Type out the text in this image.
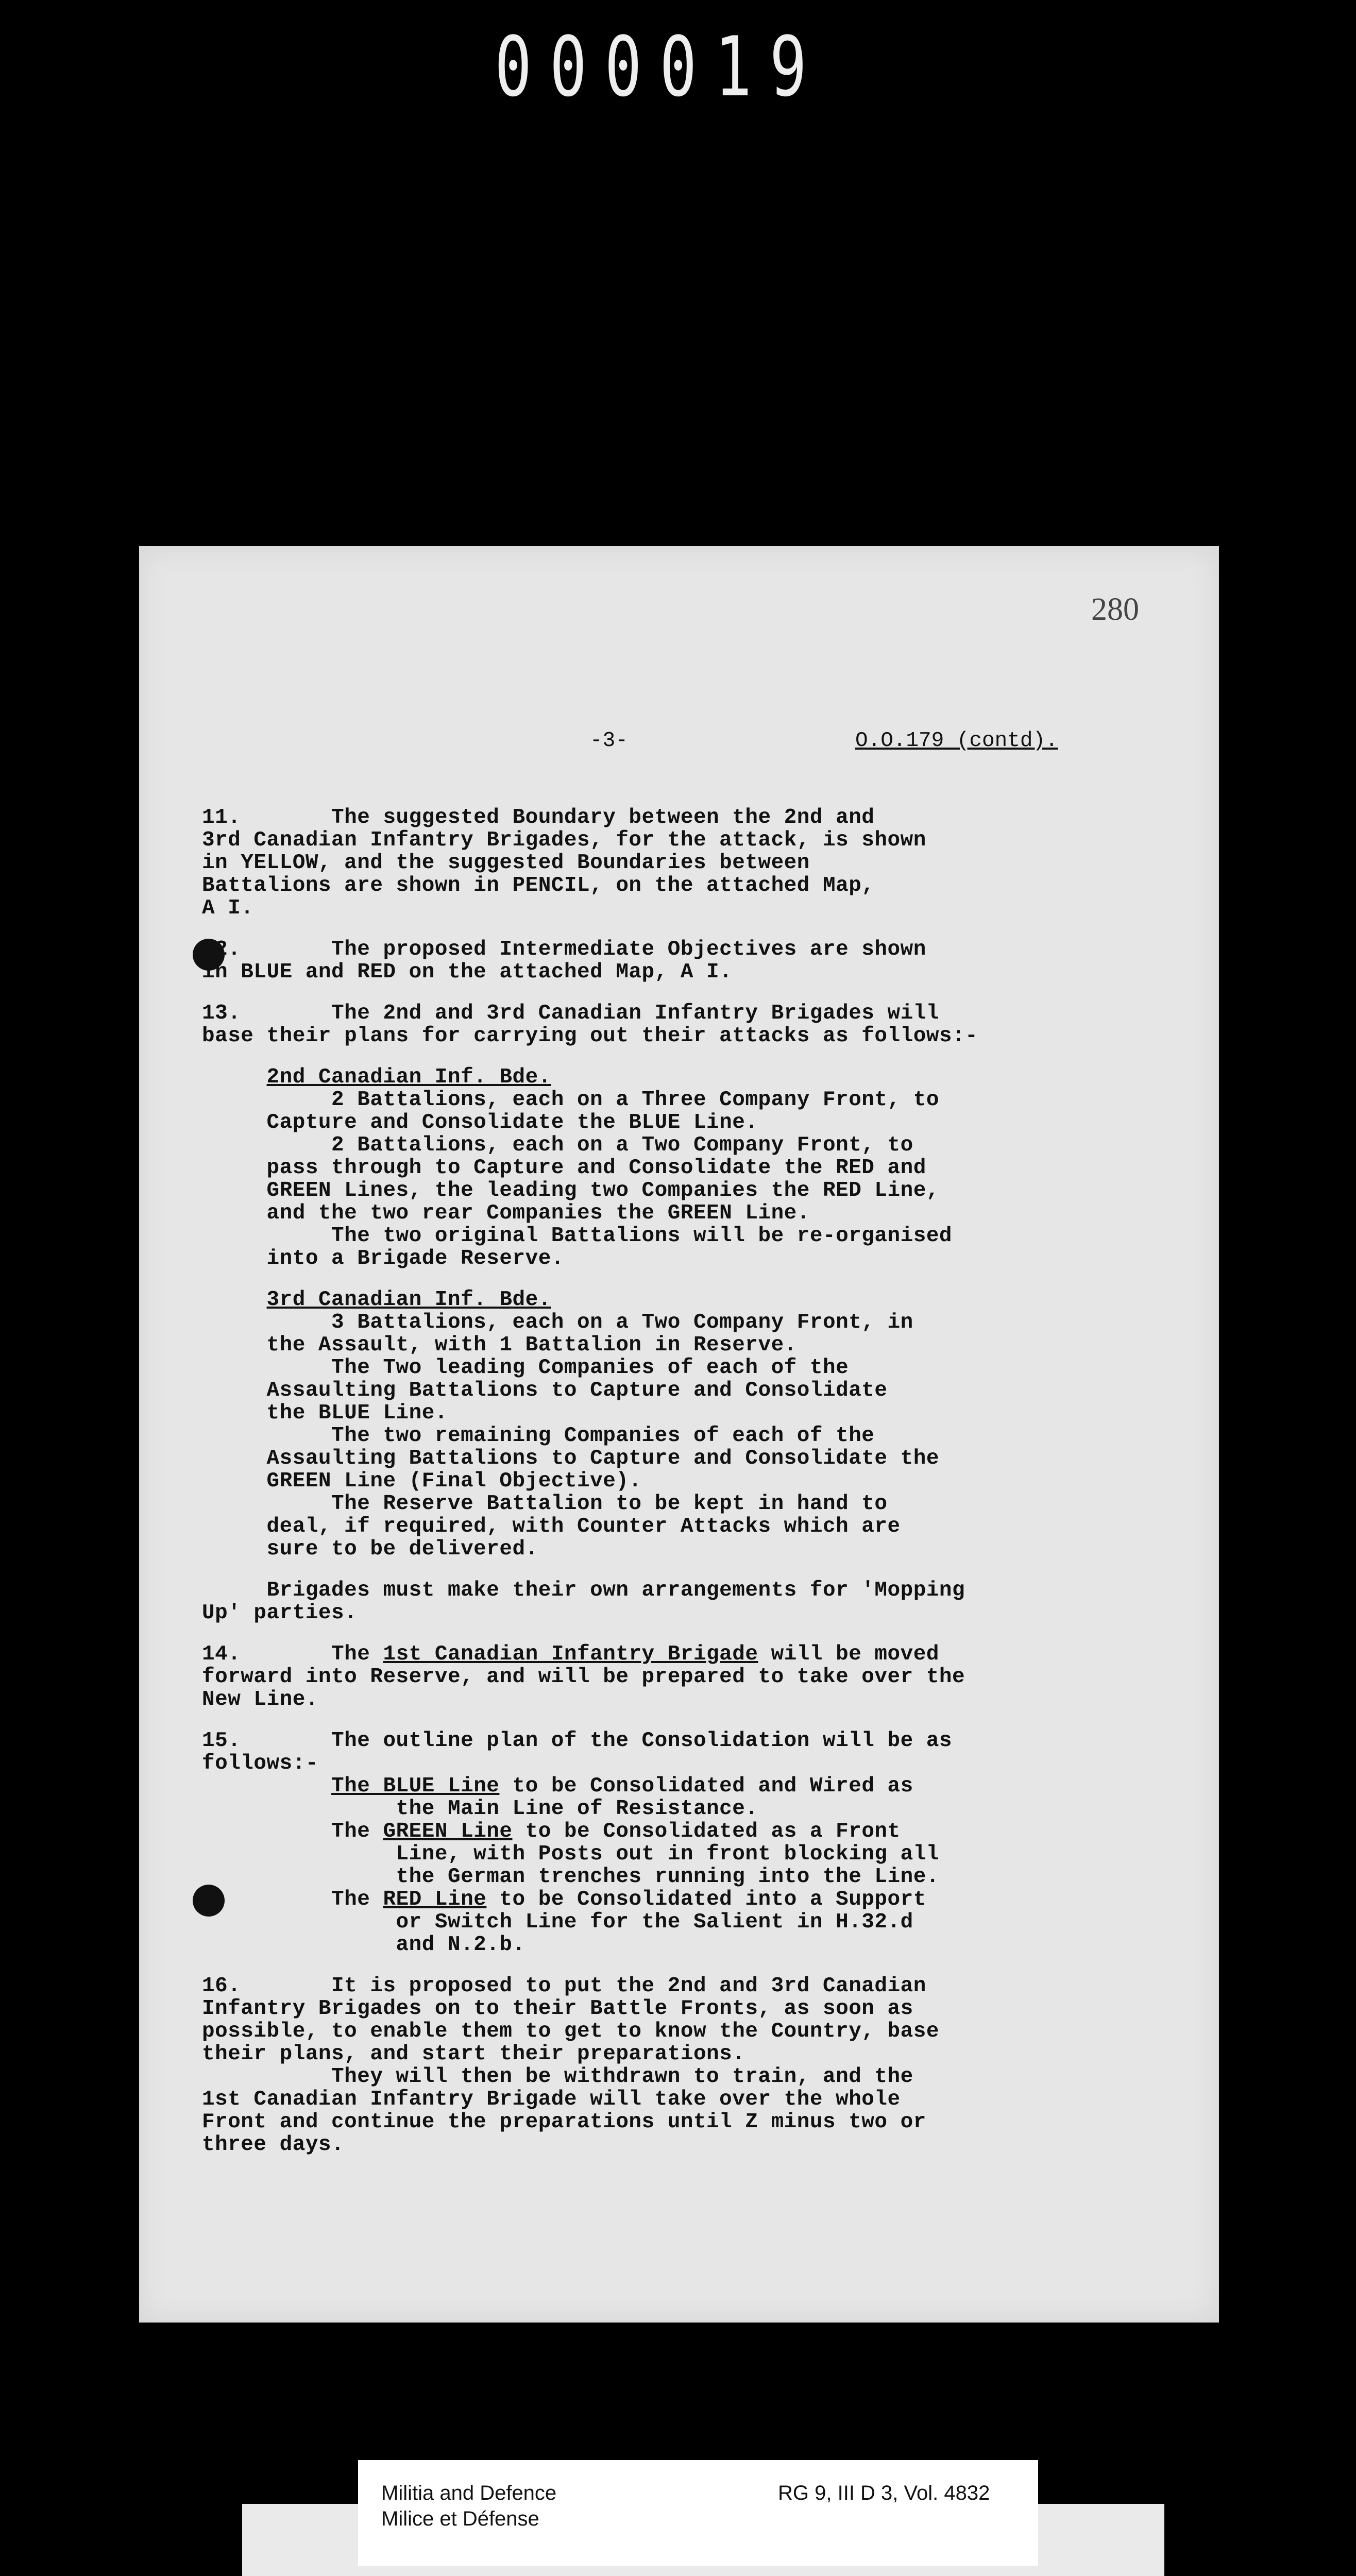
000019
280
-3-	O.O.179 (contd).
11.       The suggested Boundary between the 2nd and
3rd Canadian Infantry Brigades, for the attack, is shown
in YELLOW, and the suggested Boundaries between
Battalions are shown in PENCIL, on the attached Map,
A I.
12.       The proposed Intermediate Objectives are shown
in BLUE and RED on the attached Map, A I.
13.       The 2nd and 3rd Canadian Infantry Brigades will
base their plans for carrying out their attacks as follows:-
2nd Canadian Inf. Bde.
2 Battalions, each on a Three Company Front, to
Capture and Consolidate the BLUE Line.
2 Battalions, each on a Two Company Front, to
pass through to Capture and Consolidate the RED and
GREEN Lines, the leading two Companies the RED Line,
and the two rear Companies the GREEN Line.
The two original Battalions will be re-organised
into a Brigade Reserve.
3rd Canadian Inf. Bde.
3 Battalions, each on a Two Company Front, in
the Assault, with 1 Battalion in Reserve.
The Two leading Companies of each of the
Assaulting Battalions to Capture and Consolidate
the BLUE Line.
The two remaining Companies of each of the
Assaulting Battalions to Capture and Consolidate the
GREEN Line (Final Objective).
The Reserve Battalion to be kept in hand to
deal, if required, with Counter Attacks which are
sure to be delivered.
Brigades must make their own arrangements for 'Mopping
Up' parties.
14.       The 1st Canadian Infantry Brigade will be moved
forward into Reserve, and will be prepared to take over the
New Line.
15.       The outline plan of the Consolidation will be as
follows:-
The BLUE Line to be Consolidated and Wired as
the Main Line of Resistance.
The GREEN Line to be Consolidated as a Front
Line, with Posts out in front blocking all
the German trenches running into the Line.
The RED Line to be Consolidated into a Support
or Switch Line for the Salient in H.32.d
and N.2.b.
16.       It is proposed to put the 2nd and 3rd Canadian
Infantry Brigades on to their Battle Fronts, as soon as
possible, to enable them to get to know the Country, base
their plans, and start their preparations.
They will then be withdrawn to train, and the
1st Canadian Infantry Brigade will take over the whole
Front and continue the preparations until Z minus two or
three days.
Militia and Defence
Milice et Défense
RG 9, III D 3, Vol. 4832
